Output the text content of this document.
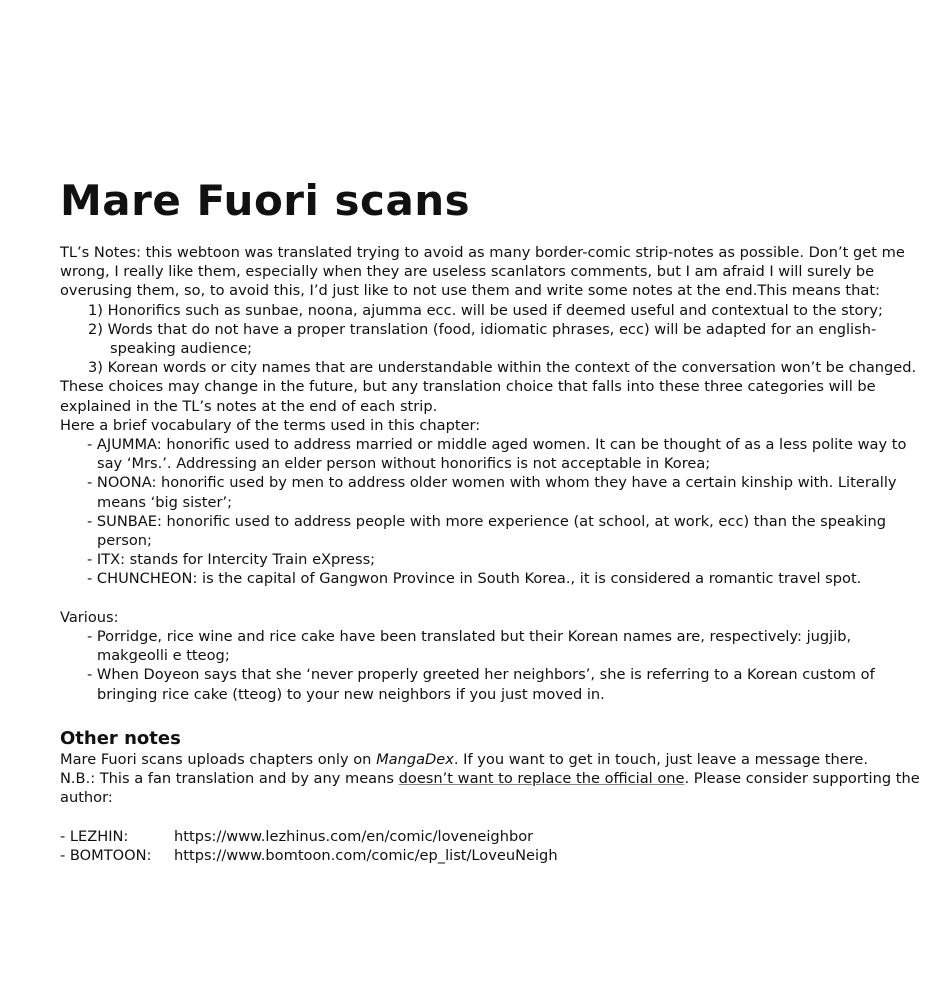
Mare Fuori scans

TL’s Notes: this webtoon was translated trying to avoid as many border-comic strip-notes as possible. Don’t get me wrong, I really like them, especially when they are useless scanlators comments, but I am afraid I will surely be overusing them, so, to avoid this, I’d just like to not use them and write some notes at the end.This means that:

1) Honorifics such as sunbae, noona, ajumma ecc. will be used if deemed useful and contextual to the story;

2) Words that do not have a proper translation (food, idiomatic phrases, ecc) will be adapted for an english-speaking audience;

3) Korean words or city names that are understandable within the context of the conversation won’t be changed.

These choices may change in the future, but any translation choice that falls into these three categories will be explained in the TL’s notes at the end of each strip.

Here a brief vocabulary of the terms used in this chapter:

- AJUMMA: honorific used to address married or middle aged women. It can be thought of as a less polite way to say ‘Mrs.’. Addressing an elder person without honorifics is not acceptable in Korea;

- NOONA: honorific used by men to address older women with whom they have a certain kinship with. Literally means ‘big sister’;

- SUNBAE: honorific used to address people with more experience (at school, at work, ecc) than the speaking person;

- ITX: stands for Intercity Train eXpress;

- CHUNCHEON: is the capital of Gangwon Province in South Korea., it is considered a romantic travel spot.

Various:

- Porridge, rice wine and rice cake have been translated but their Korean names are, respectively: jugjib, makgeolli e tteog;

- When Doyeon says that she ‘never properly greeted her neighbors’, she is referring to a Korean custom of bringing rice cake (tteog) to your new neighbors if you just moved in.

Other notes

Mare Fuori scans uploads chapters only on MangaDex. If you want to get in touch, just leave a message there.

N.B.: This a fan translation and by any means doesn’t want to replace the official one. Please consider supporting the author:

- LEZHIN:	https://www.lezhinus.com/en/comic/loveneighbor
- BOMTOON:	https://www.bomtoon.com/comic/ep_list/LoveuNeigh
